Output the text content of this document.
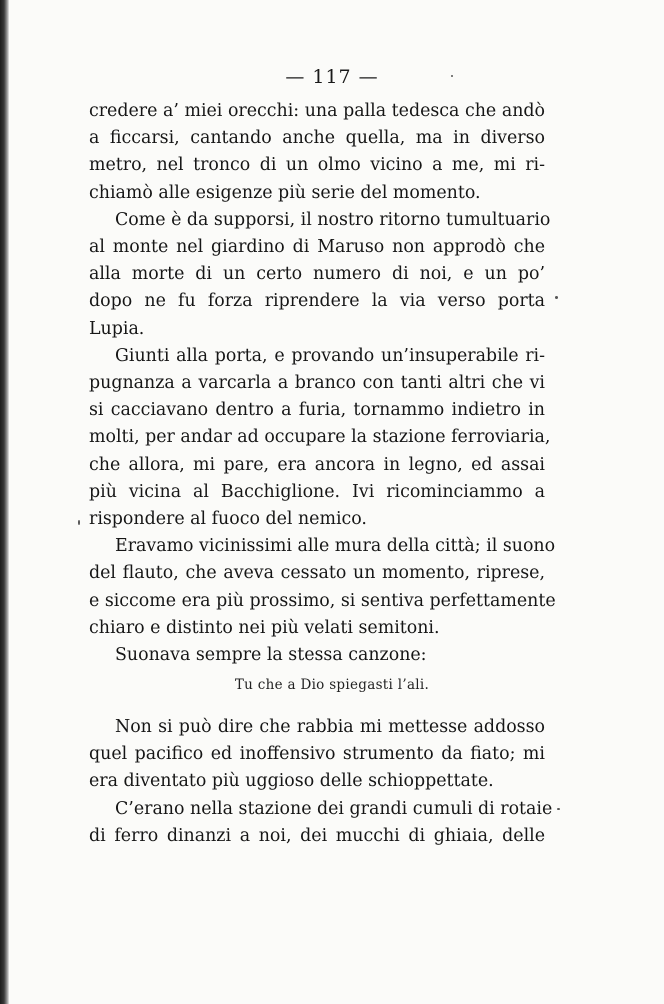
— 117 —
credere a’ miei orecchi: una palla tedesca che andò
a ficcarsi, cantando anche quella, ma in diverso
metro, nel tronco di un olmo vicino a me, mi ri-
chiamò alle esigenze più serie del momento.
Come è da supporsi, il nostro ritorno tumultuario
al monte nel giardino di Maruso non approdò che
alla morte di un certo numero di noi, e un po’
dopo ne fu forza riprendere la via verso porta
Lupia.
Giunti alla porta, e provando un’insuperabile ri-
pugnanza a varcarla a branco con tanti altri che vi
si cacciavano dentro a furia, tornammo indietro in
molti, per andar ad occupare la stazione ferroviaria,
che allora, mi pare, era ancora in legno, ed assai
più vicina al Bacchiglione. Ivi ricominciammo a
rispondere al fuoco del nemico.
Eravamo vicinissimi alle mura della città; il suono
del flauto, che aveva cessato un momento, riprese,
e siccome era più prossimo, si sentiva perfettamente
chiaro e distinto nei più velati semitoni.
Suonava sempre la stessa canzone:
Tu che a Dio spiegasti l’ali.
Non si può dire che rabbia mi mettesse addosso
quel pacifico ed inoffensivo strumento da fiato; mi
era diventato più uggioso delle schioppettate.
C’erano nella stazione dei grandi cumuli di rotaie
di ferro dinanzi a noi, dei mucchi di ghiaia, delle
